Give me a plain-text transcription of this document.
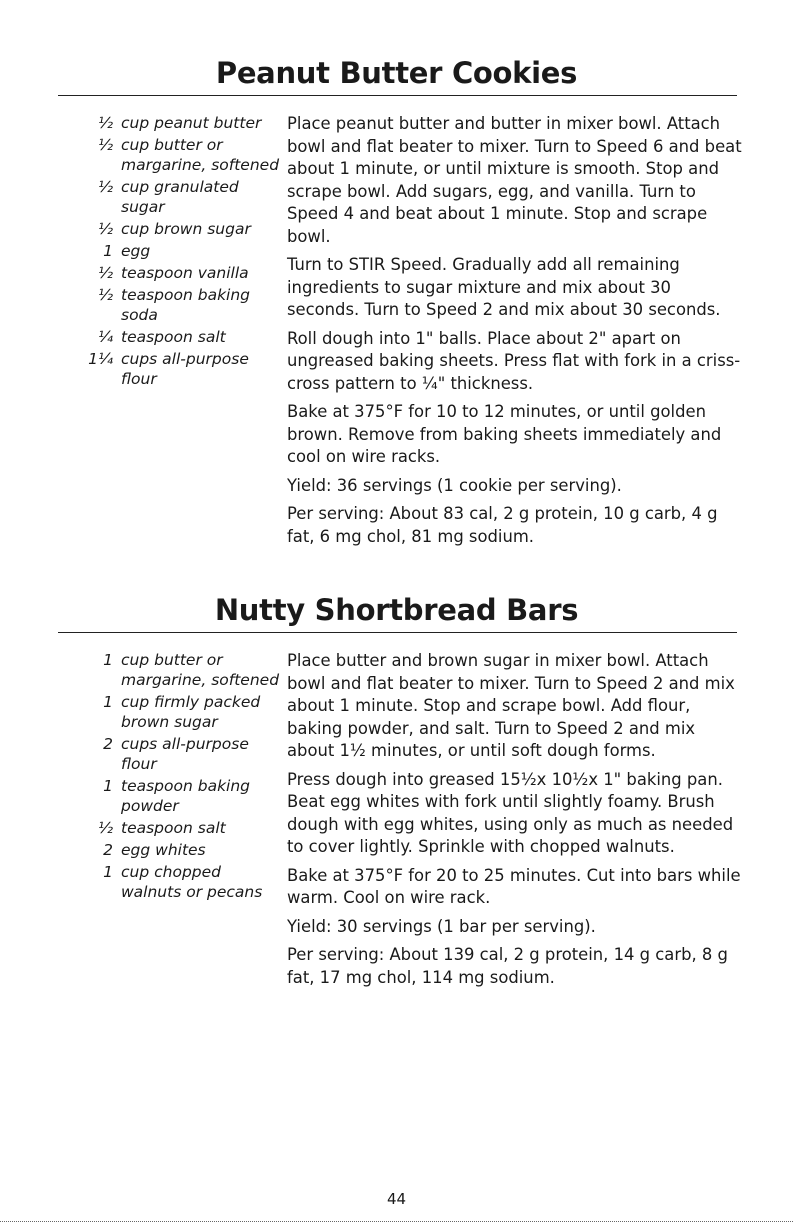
Peanut Butter Cookies
½ cup peanut butter
½ cup butter or margarine, softened
½ cup granulated sugar
½ cup brown sugar
1 egg
½ teaspoon vanilla
½ teaspoon baking soda
¼ teaspoon salt
1¼ cups all-purpose flour

Place peanut butter and butter in mixer bowl. Attach bowl and flat beater to mixer. Turn to Speed 6 and beat about 1 minute, or until mixture is smooth. Stop and scrape bowl. Add sugars, egg, and vanilla. Turn to Speed 4 and beat about 1 minute. Stop and scrape bowl.

Turn to STIR Speed. Gradually add all remaining ingredients to sugar mixture and mix about 30 seconds. Turn to Speed 2 and mix about 30 seconds.

Roll dough into 1" balls. Place about 2" apart on ungreased baking sheets. Press flat with fork in a criss-cross pattern to ¼" thickness.

Bake at 375°F for 10 to 12 minutes, or until golden brown. Remove from baking sheets immediately and cool on wire racks.

Yield: 36 servings (1 cookie per serving).

Per serving: About 83 cal, 2 g protein, 10 g carb, 4 g fat, 6 mg chol, 81 mg sodium.

Nutty Shortbread Bars
1 cup butter or margarine, softened
1 cup firmly packed brown sugar
2 cups all-purpose flour
1 teaspoon baking powder
½ teaspoon salt
2 egg whites
1 cup chopped walnuts or pecans

Place butter and brown sugar in mixer bowl. Attach bowl and flat beater to mixer. Turn to Speed 2 and mix about 1 minute. Stop and scrape bowl. Add flour, baking powder, and salt. Turn to Speed 2 and mix about 1½ minutes, or until soft dough forms.

Press dough into greased 15½x 10½x 1" baking pan. Beat egg whites with fork until slightly foamy. Brush dough with egg whites, using only as much as needed to cover lightly. Sprinkle with chopped walnuts.

Bake at 375°F for 20 to 25 minutes. Cut into bars while warm. Cool on wire rack.

Yield: 30 servings (1 bar per serving).

Per serving: About 139 cal, 2 g protein, 14 g carb, 8 g fat, 17 mg chol, 114 mg sodium.

44
